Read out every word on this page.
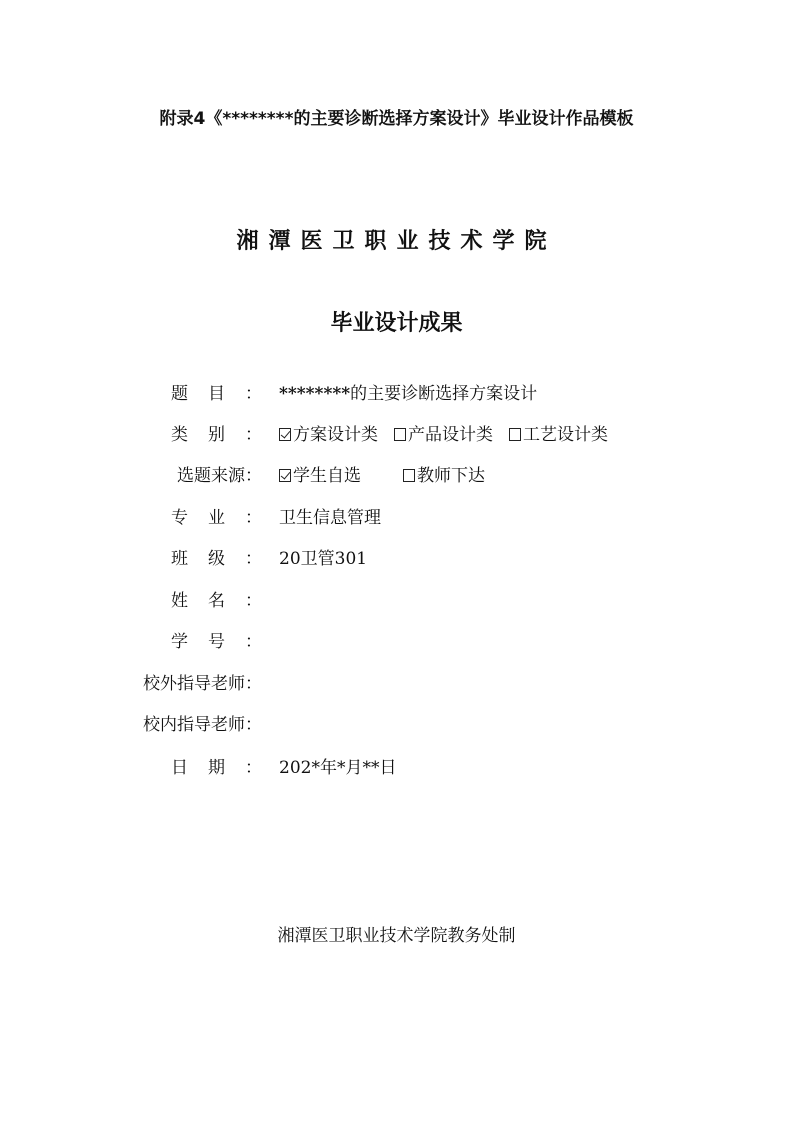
附录4《********的主要诊断选择方案设计》毕业设计作品模板
湘潭医卫职业技术学院
毕业设计成果
题目：
********的主要诊断选择方案设计
类别： 方案设计类 产品设计类 工艺设计类
选题来源：	学生自选	教师下达
专业：
卫生信息管理
班级：
20卫管301
姓名：
学号：
校外指导老师：
校内指导老师：
日期：
202*年*月**日
湘潭医卫职业技术学院教务处制
